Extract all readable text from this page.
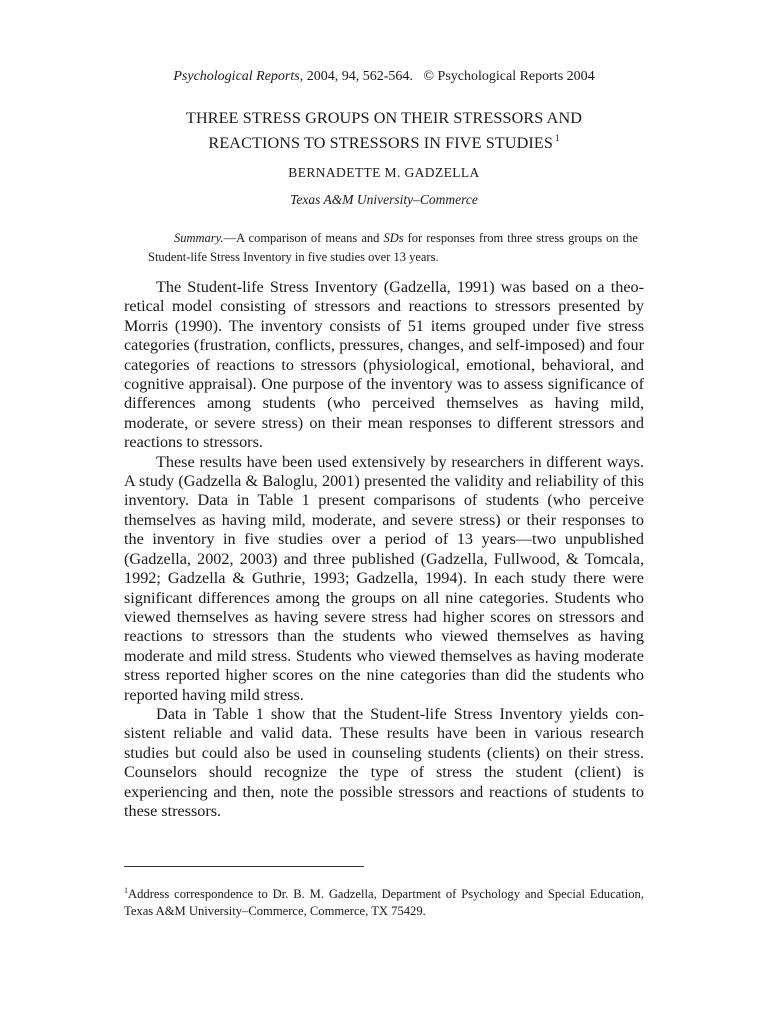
Psychological Reports, 2004, 94, 562-564. © Psychological Reports 2004
THREE STRESS GROUPS ON THEIR STRESSORS AND
REACTIONS TO STRESSORS IN FIVE STUDIES $^1$
BERNADETTE M. GADZELLA
Texas A&M University–Commerce
Summary.—A comparison of means and SDs for responses from three stress groups on the Student-life Stress Inventory in five studies over 13 years.

The Student-life Stress Inventory (Gadzella, 1991) was based on a theoretical model consisting of stressors and reactions to stressors presented by Morris (1990). The inventory consists of 51 items grouped under five stress categories (frustration, conflicts, pressures, changes, and self-imposed) and four categories of reactions to stressors (physiological, emotional, behavioral, and cognitive appraisal). One purpose of the inventory was to assess significance of differences among students (who perceived themselves as having mild, moderate, or severe stress) on their mean responses to different stressors and reactions to stressors.

These results have been used extensively by researchers in different ways. A study (Gadzella & Baloglu, 2001) presented the validity and reliability of this inventory. Data in Table 1 present comparisons of students (who perceive themselves as having mild, moderate, and severe stress) or their responses to the inventory in five studies over a period of 13 years—two unpublished (Gadzella, 2002, 2003) and three published (Gadzella, Fullwood, & Tomcala, 1992; Gadzella & Guthrie, 1993; Gadzella, 1994). In each study there were significant differences among the groups on all nine categories. Students who viewed themselves as having severe stress had higher scores on stressors and reactions to stressors than the students who viewed themselves as having moderate and mild stress. Students who viewed themselves as having moderate stress reported higher scores on the nine categories than did the students who reported having mild stress.

Data in Table 1 show that the Student-life Stress Inventory yields consistent reliable and valid data. These results have been in various research studies but could also be used in counseling students (clients) on their stress. Counselors should recognize the type of stress the student (client) is experiencing and then, note the possible stressors and reactions of students to these stressors.

$^1$Address correspondence to Dr. B. M. Gadzella, Department of Psychology and Special Education, Texas A&M University–Commerce, Commerce, TX 75429.
